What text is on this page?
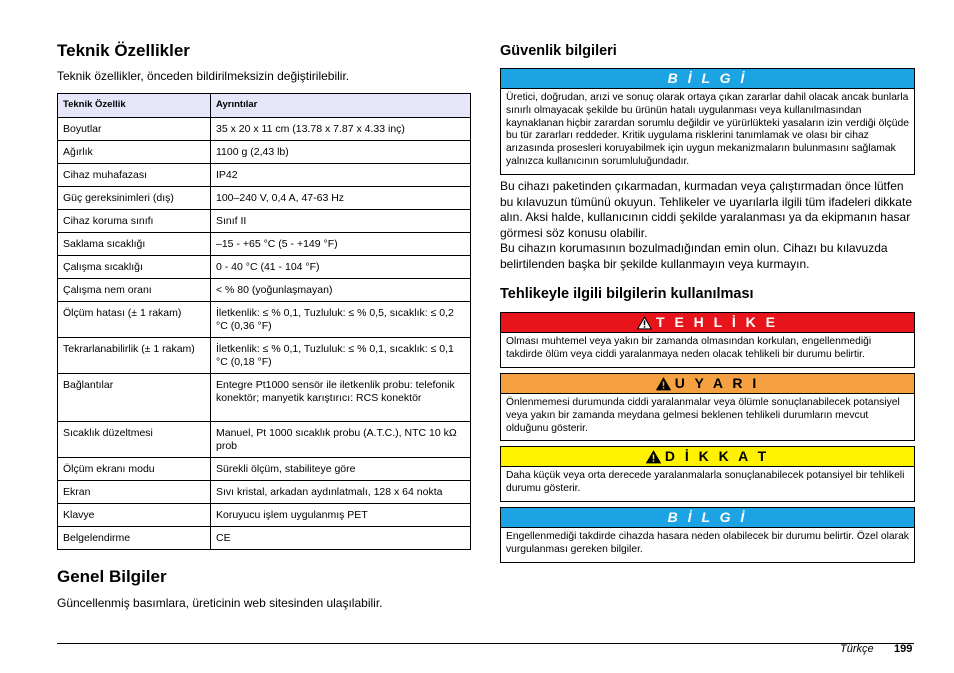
Teknik Özellikler
Teknik özellikler, önceden bildirilmeksizin değiştirilebilir.
Teknik Özellik	Ayrıntılar
Boyutlar	35 x 20 x 11 cm (13.78 x 7.87 x 4.33 inç)
Ağırlık	1100 g (2,43 lb)
Cihaz muhafazası	IP42
Güç gereksinimleri (dış)	100–240 V, 0,4 A, 47-63 Hz
Cihaz koruma sınıfı	Sınıf II
Saklama sıcaklığı	–15 - +65 °C (5 - +149 °F)
Çalışma sıcaklığı	0 - 40 °C (41 - 104 °F)
Çalışma nem oranı	< % 80 (yoğunlaşmayan)
Ölçüm hatası (± 1 rakam)	İletkenlik: ≤ % 0,1, Tuzluluk: ≤ % 0,5, sıcaklık: ≤ 0,2 °C (0,36 °F)
Tekrarlanabilirlik (± 1 rakam)	İletkenlik: ≤ % 0,1, Tuzluluk: ≤ % 0,1, sıcaklık: ≤ 0,1 °C (0,18 °F)
Bağlantılar	Entegre Pt1000 sensör ile iletkenlik probu: telefonik konektör; manyetik karıştırıcı: RCS konektör
Sıcaklık düzeltmesi	Manuel, Pt 1000 sıcaklık probu (A.T.C.), NTC 10 kΩ prob
Ölçüm ekranı modu	Sürekli ölçüm, stabiliteye göre
Ekran	Sıvı kristal, arkadan aydınlatmalı, 128 x 64 nokta
Klavye	Koruyucu işlem uygulanmış PET
Belgelendirme	CE
Genel Bilgiler
Güncellenmiş basımlara, üreticinin web sitesinden ulaşılabilir.
Güvenlik bilgileri
B İ L G İ
Üretici, doğrudan, arızi ve sonuç olarak ortaya çıkan zararlar dahil olacak ancak bunlarla sınırlı olmayacak şekilde bu ürünün hatalı uygulanması veya kullanılmasından kaynaklanan hiçbir zarardan sorumlu değildir ve yürürlükteki yasaların izin verdiği ölçüde bu tür zararları reddeder. Kritik uygulama risklerini tanımlamak ve olası bir cihaz arızasında prosesleri koruyabilmek için uygun mekanizmaların bulunmasını sağlamak yalnızca kullanıcının sorumluluğundadır.
Bu cihazı paketinden çıkarmadan, kurmadan veya çalıştırmadan önce lütfen bu kılavuzun tümünü okuyun. Tehlikeler ve uyarılarla ilgili tüm ifadeleri dikkate alın. Aksi halde, kullanıcının ciddi şekilde yaralanması ya da ekipmanın hasar görmesi söz konusu olabilir.
Bu cihazın korumasının bozulmadığından emin olun. Cihazı bu kılavuzda belirtilenden başka bir şekilde kullanmayın veya kurmayın.
Tehlikeyle ilgili bilgilerin kullanılması
T E H L İ K E
Olması muhtemel veya yakın bir zamanda olmasından korkulan, engellenmediği takdirde ölüm veya ciddi yaralanmaya neden olacak tehlikeli bir durumu belirtir.
U Y A R I
Önlenmemesi durumunda ciddi yaralanmalar veya ölümle sonuçlanabilecek potansiyel veya yakın bir zamanda meydana gelmesi beklenen tehlikeli durumların mevcut olduğunu gösterir.
D İ K K A T
Daha küçük veya orta derecede yaralanmalarla sonuçlanabilecek potansiyel bir tehlikeli durumu gösterir.
B İ L G İ
Engellenmediği takdirde cihazda hasara neden olabilecek bir durumu belirtir. Özel olarak vurgulanması gereken bilgiler.
Türkçe 199
